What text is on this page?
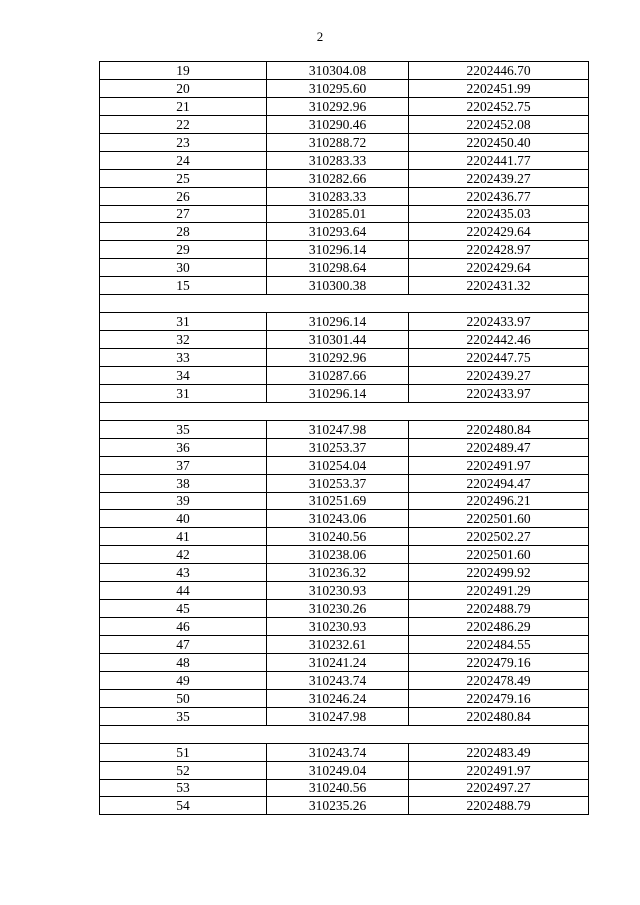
2
19	310304.08	2202446.70
20	310295.60	2202451.99
21	310292.96	2202452.75
22	310290.46	2202452.08
23	310288.72	2202450.40
24	310283.33	2202441.77
25	310282.66	2202439.27
26	310283.33	2202436.77
27	310285.01	2202435.03
28	310293.64	2202429.64
29	310296.14	2202428.97
30	310298.64	2202429.64
15	310300.38	2202431.32

31	310296.14	2202433.97
32	310301.44	2202442.46
33	310292.96	2202447.75
34	310287.66	2202439.27
31	310296.14	2202433.97

35	310247.98	2202480.84
36	310253.37	2202489.47
37	310254.04	2202491.97
38	310253.37	2202494.47
39	310251.69	2202496.21
40	310243.06	2202501.60
41	310240.56	2202502.27
42	310238.06	2202501.60
43	310236.32	2202499.92
44	310230.93	2202491.29
45	310230.26	2202488.79
46	310230.93	2202486.29
47	310232.61	2202484.55
48	310241.24	2202479.16
49	310243.74	2202478.49
50	310246.24	2202479.16
35	310247.98	2202480.84

51	310243.74	2202483.49
52	310249.04	2202491.97
53	310240.56	2202497.27
54	310235.26	2202488.79
